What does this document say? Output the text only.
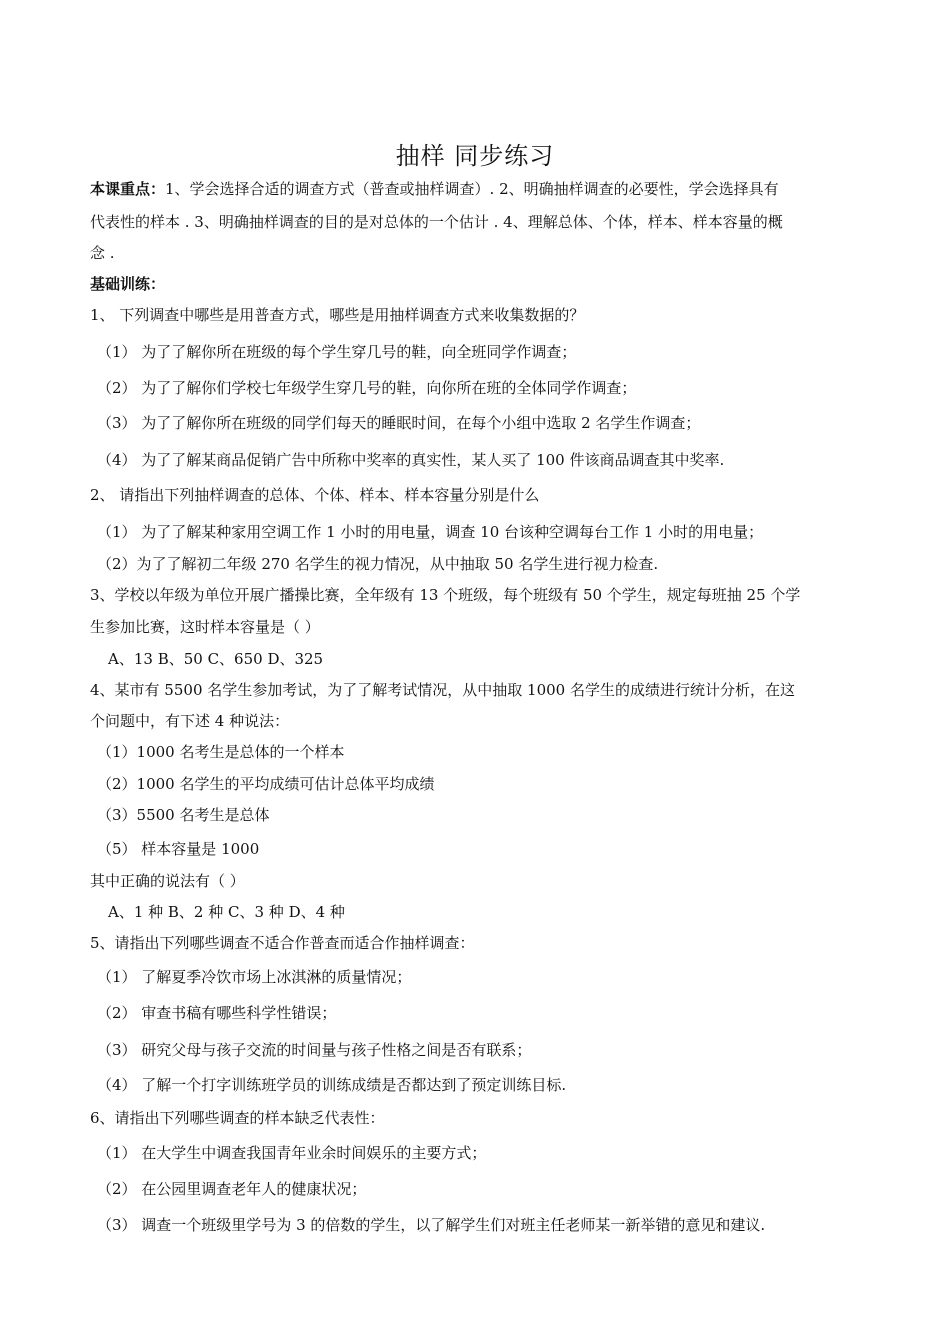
抽样 同步练习
本课重点：1、学会选择合适的调查方式（普查或抽样调查）. 2、明确抽样调查的必要性，学会选择具有
代表性的样本 . 3、明确抽样调查的目的是对总体的一个估计 . 4、理解总体、个体，样本、样本容量的概
念 .
基础训练：
1、 下列调查中哪些是用普查方式，哪些是用抽样调查方式来收集数据的？
（1） 为了了解你所在班级的每个学生穿几号的鞋，向全班同学作调查；
（2） 为了了解你们学校七年级学生穿几号的鞋，向你所在班的全体同学作调查；
（3） 为了了解你所在班级的同学们每天的睡眠时间，在每个小组中选取 2 名学生作调查；
（4） 为了了解某商品促销广告中所称中奖率的真实性，某人买了 100 件该商品调查其中奖率.
2、 请指出下列抽样调查的总体、个体、样本、样本容量分别是什么
（1） 为了了解某种家用空调工作 1 小时的用电量，调查 10 台该种空调每台工作 1 小时的用电量；
（2）为了了解初二年级 270 名学生的视力情况，从中抽取 50 名学生进行视力检查.
3、学校以年级为单位开展广播操比赛，全年级有 13 个班级，每个班级有 50 个学生，规定每班抽 25 个学
生参加比赛，这时样本容量是（ ）
A、13 B、50 C、650 D、325
4、某市有 5500 名学生参加考试，为了了解考试情况，从中抽取 1000 名学生的成绩进行统计分析，在这
个问题中，有下述 4 种说法：
（1）1000 名考生是总体的一个样本
（2）1000 名学生的平均成绩可估计总体平均成绩
（3）5500 名考生是总体
（5） 样本容量是 1000
其中正确的说法有（ ）
A、1 种 B、2 种 C、3 种 D、4 种
5、请指出下列哪些调查不适合作普查而适合作抽样调查：
（1） 了解夏季冷饮市场上冰淇淋的质量情况；
（2） 审查书稿有哪些科学性错误；
（3） 研究父母与孩子交流的时间量与孩子性格之间是否有联系；
（4） 了解一个打字训练班学员的训练成绩是否都达到了预定训练目标.
6、请指出下列哪些调查的样本缺乏代表性：
（1） 在大学生中调查我国青年业余时间娱乐的主要方式；
（2） 在公园里调查老年人的健康状况；
（3） 调查一个班级里学号为 3 的倍数的学生，以了解学生们对班主任老师某一新举错的意见和建议.
